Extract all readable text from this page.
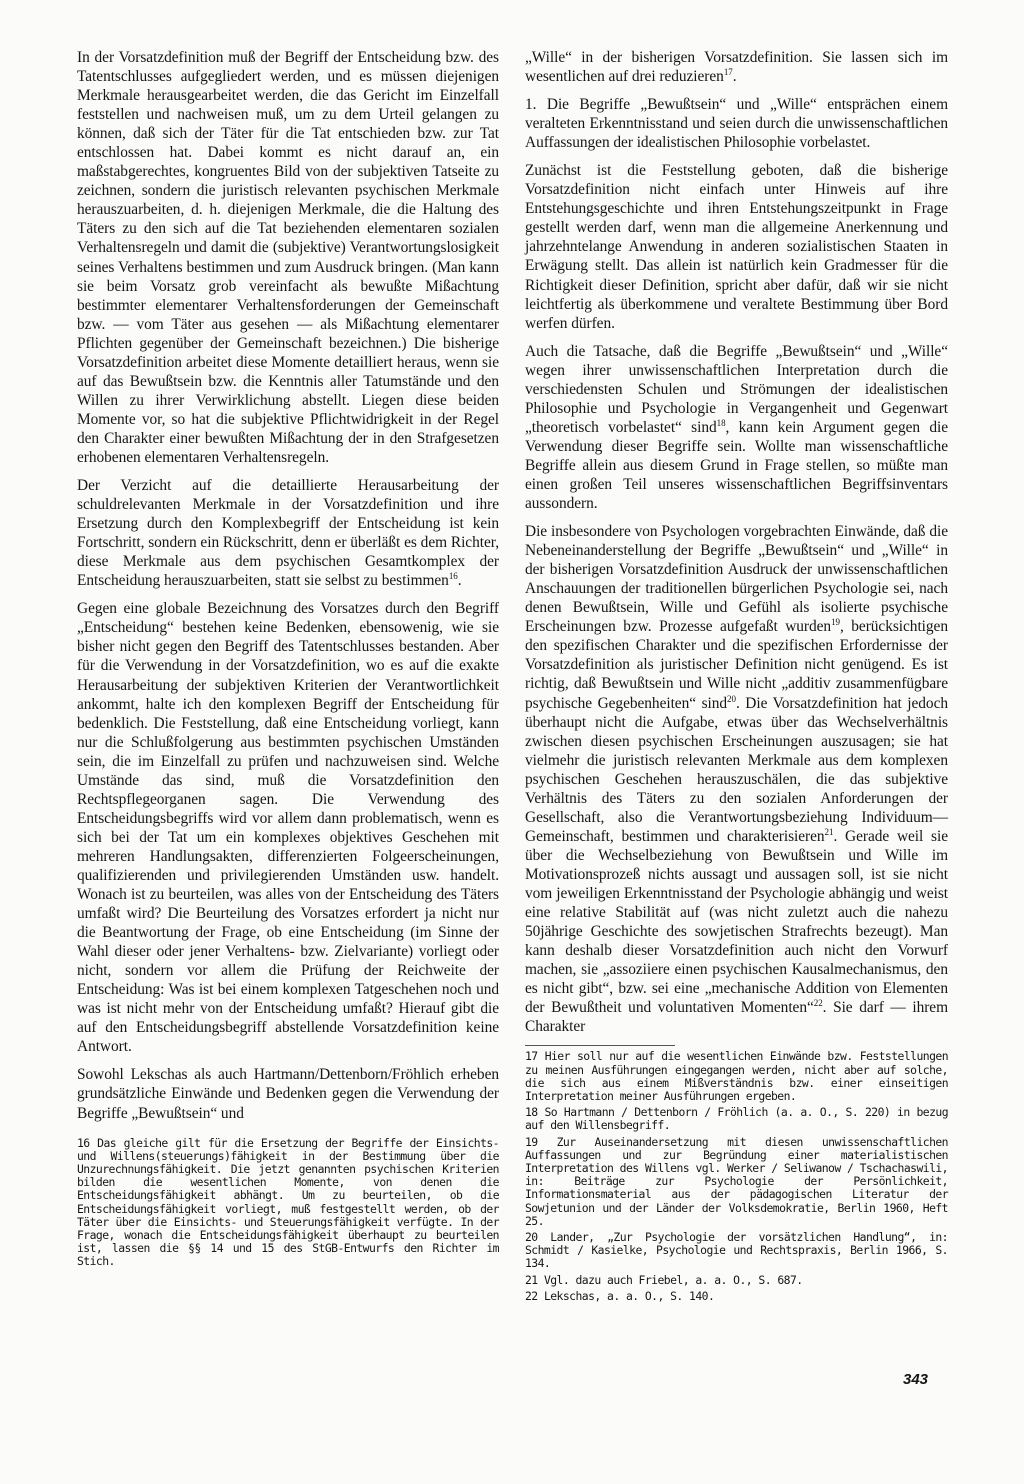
In der Vorsatzdefinition muß der Begriff der Entscheidung bzw. des Tatentschlusses aufgegliedert werden, und es müssen diejenigen Merkmale herausgearbeitet werden, die das Gericht im Einzelfall feststellen und nachweisen muß, um zu dem Urteil gelangen zu können, daß sich der Täter für die Tat entschieden bzw. zur Tat entschlossen hat. Dabei kommt es nicht darauf an, ein maßstabgerechtes, kongruentes Bild von der subjektiven Tatseite zu zeichnen, sondern die juristisch relevanten psychischen Merkmale herauszuarbeiten, d. h. diejenigen Merkmale, die die Haltung des Täters zu den sich auf die Tat beziehenden elementaren sozialen Verhaltensregeln und damit die (subjektive) Verantwortungslosigkeit seines Verhaltens bestimmen und zum Ausdruck bringen. (Man kann sie beim Vorsatz grob vereinfacht als bewußte Mißachtung bestimmter elementarer Verhaltensforderungen der Gemeinschaft bzw. — vom Täter aus gesehen — als Mißachtung elementarer Pflichten gegenüber der Gemeinschaft bezeichnen.) Die bisherige Vorsatzdefinition arbeitet diese Momente detailliert heraus, wenn sie auf das Bewußtsein bzw. die Kenntnis aller Tatumstände und den Willen zu ihrer Verwirklichung abstellt. Liegen diese beiden Momente vor, so hat die subjektive Pflichtwidrigkeit in der Regel den Charakter einer bewußten Mißachtung der in den Strafgesetzen erhobenen elementaren Verhaltensregeln.

Der Verzicht auf die detaillierte Herausarbeitung der schuldrelevanten Merkmale in der Vorsatzdefinition und ihre Ersetzung durch den Komplexbegriff der Entscheidung ist kein Fortschritt, sondern ein Rückschritt, denn er überläßt es dem Richter, diese Merkmale aus dem psychischen Gesamtkomplex der Entscheidung herauszuarbeiten, statt sie selbst zu bestimmen$^{16}$.

Gegen eine globale Bezeichnung des Vorsatzes durch den Begriff „Entscheidung“ bestehen keine Bedenken, ebensowenig, wie sie bisher nicht gegen den Begriff des Tatentschlusses bestanden. Aber für die Verwendung in der Vorsatzdefinition, wo es auf die exakte Herausarbeitung der subjektiven Kriterien der Verantwortlichkeit ankommt, halte ich den komplexen Begriff der Entscheidung für bedenklich. Die Feststellung, daß eine Entscheidung vorliegt, kann nur die Schlußfolgerung aus bestimmten psychischen Umständen sein, die im Einzelfall zu prüfen und nachzuweisen sind. Welche Umstände das sind, muß die Vorsatzdefinition den Rechtspflegeorganen sagen. Die Verwendung des Entscheidungsbegriffs wird vor allem dann problematisch, wenn es sich bei der Tat um ein komplexes objektives Geschehen mit mehreren Handlungsakten, differenzierten Folgeerscheinungen, qualifizierenden und privilegierenden Umständen usw. handelt. Wonach ist zu beurteilen, was alles von der Entscheidung des Täters umfaßt wird? Die Beurteilung des Vorsatzes erfordert ja nicht nur die Beantwortung der Frage, ob eine Entscheidung (im Sinne der Wahl dieser oder jener Verhaltens- bzw. Zielvariante) vorliegt oder nicht, sondern vor allem die Prüfung der Reichweite der Entscheidung: Was ist bei einem komplexen Tatgeschehen noch und was ist nicht mehr von der Entscheidung umfaßt? Hierauf gibt die auf den Entscheidungsbegriff abstellende Vorsatzdefinition keine Antwort.

Sowohl Lekschas als auch Hartmann/Dettenborn/Fröhlich erheben grundsätzliche Einwände und Bedenken gegen die Verwendung der Begriffe „Bewußtsein“ und

16 Das gleiche gilt für die Ersetzung der Begriffe der Einsichts- und Willens(steuerungs)fähigkeit in der Bestimmung über die Unzurechnungsfähigkeit. Die jetzt genannten psychischen Kriterien bilden die wesentlichen Momente, von denen die Entscheidungsfähigkeit abhängt. Um zu beurteilen, ob die Entscheidungsfähigkeit vorliegt, muß festgestellt werden, ob der Täter über die Einsichts- und Steuerungsfähigkeit verfügte. In der Frage, wonach die Entscheidungsfähigkeit überhaupt zu beurteilen ist, lassen die §§ 14 und 15 des StGB-Entwurfs den Richter im Stich.

„Wille“ in der bisherigen Vorsatzdefinition. Sie lassen sich im wesentlichen auf drei reduzieren$^{17}$.

1. Die Begriffe „Bewußtsein“ und „Wille“ entsprächen einem veralteten Erkenntnisstand und seien durch die unwissenschaftlichen Auffassungen der idealistischen Philosophie vorbelastet.

Zunächst ist die Feststellung geboten, daß die bisherige Vorsatzdefinition nicht einfach unter Hinweis auf ihre Entstehungsgeschichte und ihren Entstehungszeitpunkt in Frage gestellt werden darf, wenn man die allgemeine Anerkennung und jahrzehntelange Anwendung in anderen sozialistischen Staaten in Erwägung stellt. Das allein ist natürlich kein Gradmesser für die Richtigkeit dieser Definition, spricht aber dafür, daß wir sie nicht leichtfertig als überkommene und veraltete Bestimmung über Bord werfen dürfen.

Auch die Tatsache, daß die Begriffe „Bewußtsein“ und „Wille“ wegen ihrer unwissenschaftlichen Interpretation durch die verschiedensten Schulen und Strömungen der idealistischen Philosophie und Psychologie in Vergangenheit und Gegenwart „theoretisch vorbelastet“ sind$^{18}$, kann kein Argument gegen die Verwendung dieser Begriffe sein. Wollte man wissenschaftliche Begriffe allein aus diesem Grund in Frage stellen, so müßte man einen großen Teil unseres wissenschaftlichen Begriffsinventars aussondern.

Die insbesondere von Psychologen vorgebrachten Einwände, daß die Nebeneinanderstellung der Begriffe „Bewußtsein“ und „Wille“ in der bisherigen Vorsatzdefinition Ausdruck der unwissenschaftlichen Anschauungen der traditionellen bürgerlichen Psychologie sei, nach denen Bewußtsein, Wille und Gefühl als isolierte psychische Erscheinungen bzw. Prozesse aufgefaßt wurden$^{19}$, berücksichtigen den spezifischen Charakter und die spezifischen Erfordernisse der Vorsatzdefinition als juristischer Definition nicht genügend. Es ist richtig, daß Bewußtsein und Wille nicht „additiv zusammenfügbare psychische Gegebenheiten“ sind$^{20}$. Die Vorsatzdefinition hat jedoch überhaupt nicht die Aufgabe, etwas über das Wechselverhältnis zwischen diesen psychischen Erscheinungen auszusagen; sie hat vielmehr die juristisch relevanten Merkmale aus dem komplexen psychischen Geschehen herauszuschälen, die das subjektive Verhältnis des Täters zu den sozialen Anforderungen der Gesellschaft, also die Verantwortungsbeziehung Individuum—Gemeinschaft, bestimmen und charakterisieren$^{21}$. Gerade weil sie über die Wechselbeziehung von Bewußtsein und Wille im Motivationsprozeß nichts aussagt und aussagen soll, ist sie nicht vom jeweiligen Erkenntnisstand der Psychologie abhängig und weist eine relative Stabilität auf (was nicht zuletzt auch die nahezu 50jährige Geschichte des sowjetischen Strafrechts bezeugt). Man kann deshalb dieser Vorsatzdefinition auch nicht den Vorwurf machen, sie „assoziiere einen psychischen Kausalmechanismus, den es nicht gibt“, bzw. sei eine „mechanische Addition von Elementen der Bewußtheit und voluntativen Momenten“$^{22}$. Sie darf — ihrem Charakter

17 Hier soll nur auf die wesentlichen Einwände bzw. Feststellungen zu meinen Ausführungen eingegangen werden, nicht aber auf solche, die sich aus einem Mißverständnis bzw. einer einseitigen Interpretation meiner Ausführungen ergeben.

18 So Hartmann / Dettenborn / Fröhlich (a. a. O., S. 220) in bezug auf den Willensbegriff.

19 Zur Auseinandersetzung mit diesen unwissenschaftlichen Auffassungen und zur Begründung einer materialistischen Interpretation des Willens vgl. Werker / Seliwanow / Tschachaswili, in: Beiträge zur Psychologie der Persönlichkeit, Informationsmaterial aus der pädagogischen Literatur der Sowjetunion und der Länder der Volksdemokratie, Berlin 1960, Heft 25.

20 Lander, „Zur Psychologie der vorsätzlichen Handlung“, in: Schmidt / Kasielke, Psychologie und Rechtspraxis, Berlin 1966, S. 134.

21 Vgl. dazu auch Friebel, a. a. O., S. 687.

22 Lekschas, a. a. O., S. 140.

343
